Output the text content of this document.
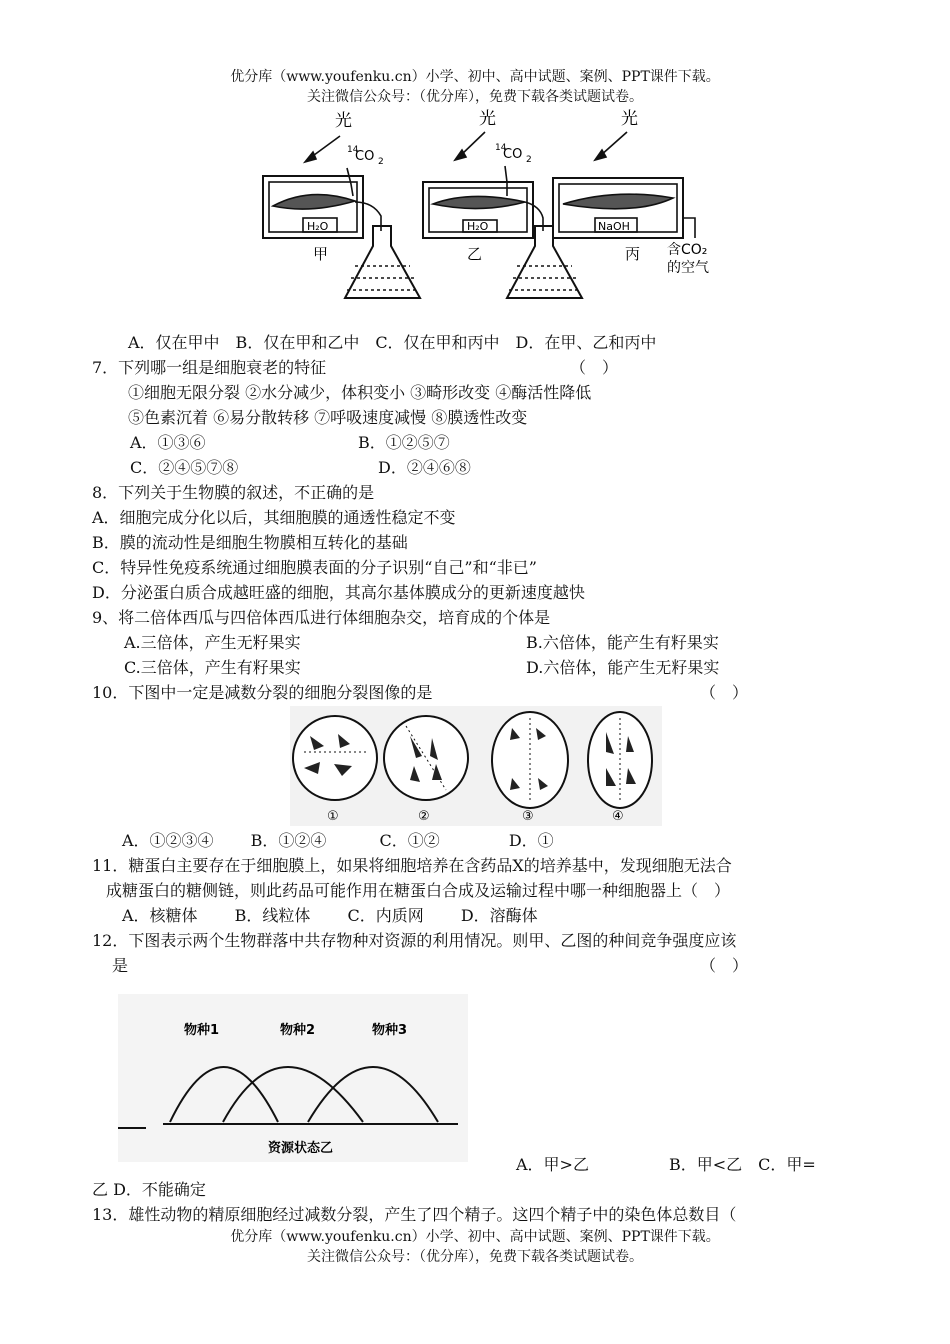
优分库（www.youfenku.cn）小学、初中、高中试题、案例、PPT课件下载。
关注微信公众号：（优分库），免费下载各类试题试卷。
光	光	光
14
CO 2
14
CO 2
H₂O	H₂O	NaOH
甲	乙	丙 含CO₂
的空气
A．仅在甲中　B．仅在甲和乙中　C．仅在甲和丙中　D．在甲、乙和丙中
7．下列哪一组是细胞衰老的特征	（　）
①细胞无限分裂 ②水分减少，体积变小 ③畸形改变 ④酶活性降低
⑤色素沉着 ⑥易分散转移 ⑦呼吸速度减慢 ⑧膜透性改变
A．①③⑥	B．①②⑤⑦
C．②④⑤⑦⑧	D．②④⑥⑧
8．下列关于生物膜的叙述，不正确的是
A．细胞完成分化以后，其细胞膜的通透性稳定不变
B．膜的流动性是细胞生物膜相互转化的基础
C．特异性免疫系统通过细胞膜表面的分子识别“自己”和“非已”
D．分泌蛋白质合成越旺盛的细胞，其高尔基体膜成分的更新速度越快
9、将二倍体西瓜与四倍体西瓜进行体细胞杂交，培育成的个体是
A.三倍体，产生无籽果实	B.六倍体，能产生有籽果实
C.三倍体，产生有籽果实	D.六倍体，能产生无籽果实
10．下图中一定是减数分裂的细胞分裂图像的是	（　）
①	②	③	④
A．①②③④　　 B．①②④　　　 C．①②　　　　 D．①
11．糖蛋白主要存在于细胞膜上，如果将细胞培养在含药品X的培养基中，发现细胞无法合
成糖蛋白的糖侧链，则此药品可能作用在糖蛋白合成及运输过程中哪一种细胞器上（　）
A．核糖体　　 B．线粒体　　 C．内质网　　 D．溶酶体
12．下图表示两个生物群落中共存物种对资源的利用情况。则甲、乙图的种间竞争强度应该
是	（　）
物种1	物种2	物种3
资源状态乙
A．甲>乙　　　　　B．甲<乙　C．甲=
乙 D．不能确定
13．雄性动物的精原细胞经过减数分裂，产生了四个精子。这四个精子中的染色体总数目（
优分库（www.youfenku.cn）小学、初中、高中试题、案例、PPT课件下载。
关注微信公众号：（优分库），免费下载各类试题试卷。
